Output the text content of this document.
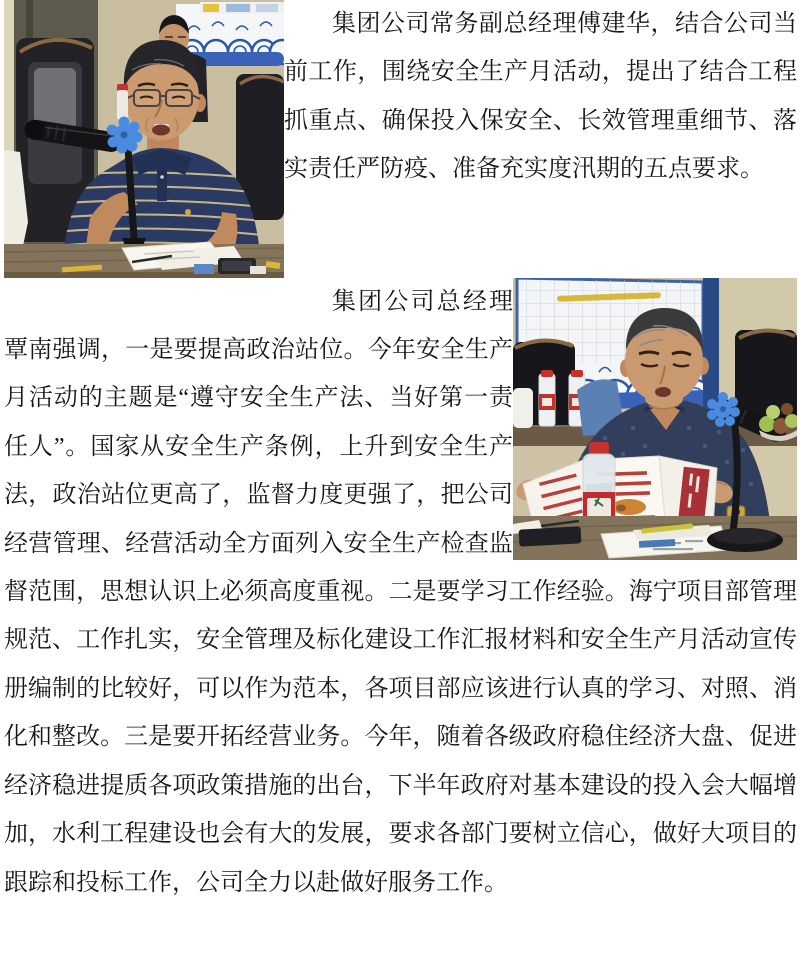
集团公司常务副总经理傅建华，结合公司当前工作，围绕安全生产月活动，提出了结合工程抓重点、确保投入保安全、长效管理重细节、落实责任严防疫、准备充实度汛期的五点要求。

集团公司总经理覃南强调，一是要提高政治站位。今年安全生产月活动的主题是“遵守安全生产法、当好第一责任人”。国家从安全生产条例，上升到安全生产法，政治站位更高了，监督力度更强了，把公司经营管理、经营活动全方面列入安全生产检查监督范围，思想认识上必须高度重视。二是要学习工作经验。海宁项目部管理规范、工作扎实，安全管理及标化建设工作汇报材料和安全生产月活动宣传册编制的比较好，可以作为范本，各项目部应该进行认真的学习、对照、消化和整改。三是要开拓经营业务。今年，随着各级政府稳住经济大盘、促进经济稳进提质各项政策措施的出台，下半年政府对基本建设的投入会大幅增加，水利工程建设也会有大的发展，要求各部门要树立信心，做好大项目的跟踪和投标工作，公司全力以赴做好服务工作。
